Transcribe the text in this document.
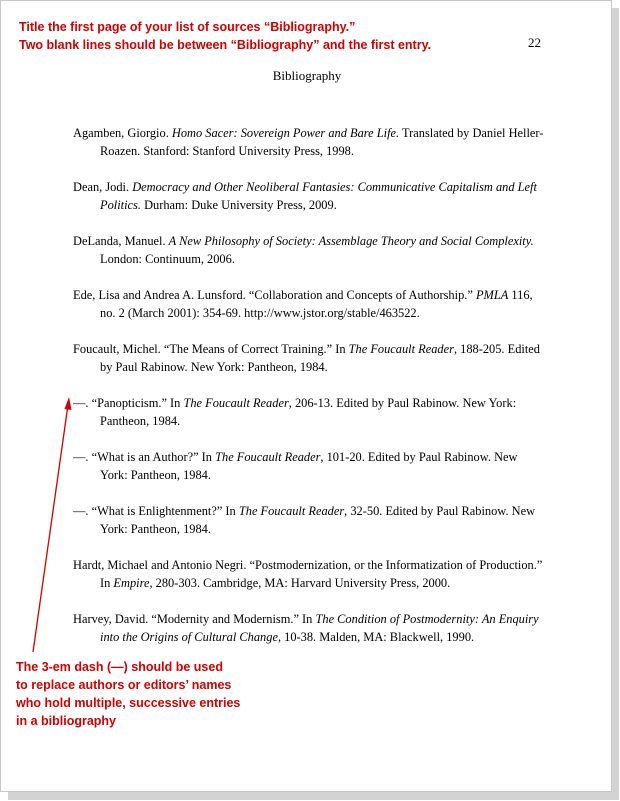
Title the first page of your list of sources “Bibliography.”
Two blank lines should be between “Bibliography” and the first entry.	22
Bibliography

Agamben, Giorgio. Homo Sacer: Sovereign Power and Bare Life. Translated by Daniel Heller-Roazen. Stanford: Stanford University Press, 1998.

Dean, Jodi. Democracy and Other Neoliberal Fantasies: Communicative Capitalism and Left Politics. Durham: Duke University Press, 2009.

DeLanda, Manuel. A New Philosophy of Society: Assemblage Theory and Social Complexity. London: Continuum, 2006.

Ede, Lisa and Andrea A. Lunsford. “Collaboration and Concepts of Authorship.” PMLA 116, no. 2 (March 2001): 354-69. http://www.jstor.org/stable/463522.

Foucault, Michel. “The Means of Correct Training.” In The Foucault Reader, 188-205. Edited by Paul Rabinow. New York: Pantheon, 1984.

—. “Panopticism.” In The Foucault Reader, 206-13. Edited by Paul Rabinow. New York: Pantheon, 1984.

—. “What is an Author?” In The Foucault Reader, 101-20. Edited by Paul Rabinow. New York: Pantheon, 1984.

—. “What is Enlightenment?” In The Foucault Reader, 32-50. Edited by Paul Rabinow. New York: Pantheon, 1984.

Hardt, Michael and Antonio Negri. “Postmodernization, or the Informatization of Production.” In Empire, 280-303. Cambridge, MA: Harvard University Press, 2000.

Harvey, David. “Modernity and Modernism.” In The Condition of Postmodernity: An Enquiry into the Origins of Cultural Change, 10-38. Malden, MA: Blackwell, 1990.

The 3-em dash (—) should be used
to replace authors or editors’ names
who hold multiple, successive entries
in a bibliography
